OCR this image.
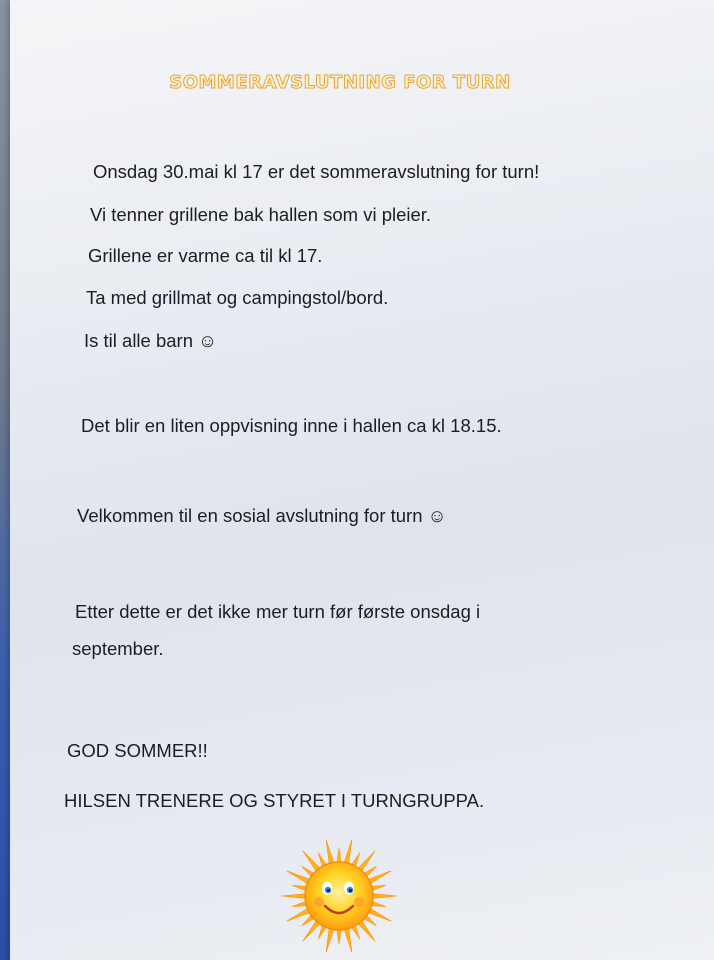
SOMMERAVSLUTNING FOR TURN
Onsdag 30.mai kl 17 er det sommeravslutning for turn!
Vi tenner grillene bak hallen som vi pleier.
Grillene er varme ca til kl 17.
Ta med grillmat og campingstol/bord.
Is til alle barn ☺
Det blir en liten oppvisning inne i hallen ca kl 18.15.
Velkommen til en sosial avslutning for turn ☺
Etter dette er det ikke mer turn før første onsdag i
september.
GOD SOMMER!!
HILSEN TRENERE OG STYRET I TURNGRUPPA.
